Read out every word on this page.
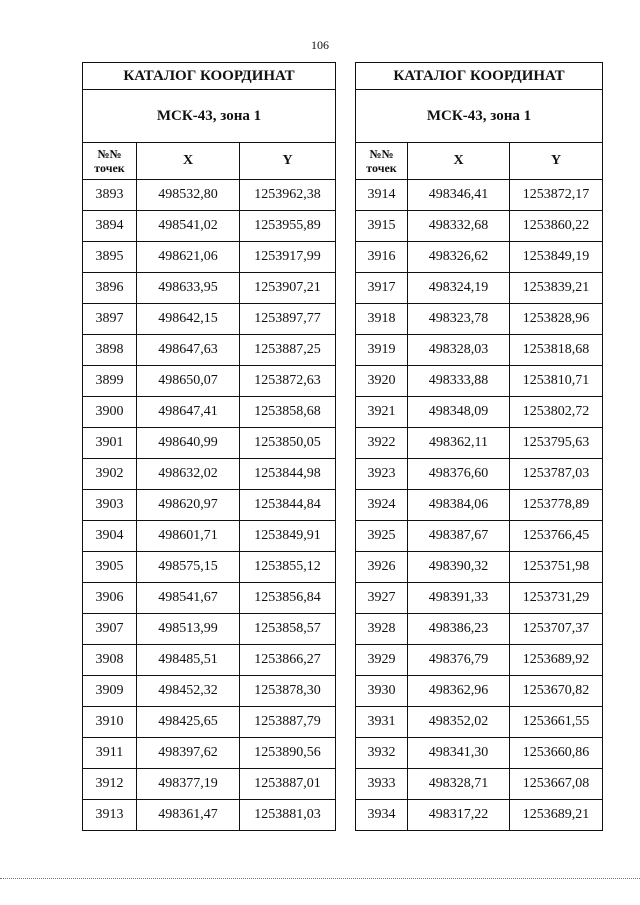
106
КАТАЛОГ КООРДИНАТ		
МСК-43, зона 1		
№№
точек	X	Y
3893	498532,80	1253962,38
3894	498541,02	1253955,89
3895	498621,06	1253917,99
3896	498633,95	1253907,21
3897	498642,15	1253897,77
3898	498647,63	1253887,25
3899	498650,07	1253872,63
3900	498647,41	1253858,68
3901	498640,99	1253850,05
3902	498632,02	1253844,98
3903	498620,97	1253844,84
3904	498601,71	1253849,91
3905	498575,15	1253855,12
3906	498541,67	1253856,84
3907	498513,99	1253858,57
3908	498485,51	1253866,27
3909	498452,32	1253878,30
3910	498425,65	1253887,79
3911	498397,62	1253890,56
3912	498377,19	1253887,01
3913	498361,47	1253881,03
КАТАЛОГ КООРДИНАТ		
МСК-43, зона 1		
№№
точек	X	Y
3914	498346,41	1253872,17
3915	498332,68	1253860,22
3916	498326,62	1253849,19
3917	498324,19	1253839,21
3918	498323,78	1253828,96
3919	498328,03	1253818,68
3920	498333,88	1253810,71
3921	498348,09	1253802,72
3922	498362,11	1253795,63
3923	498376,60	1253787,03
3924	498384,06	1253778,89
3925	498387,67	1253766,45
3926	498390,32	1253751,98
3927	498391,33	1253731,29
3928	498386,23	1253707,37
3929	498376,79	1253689,92
3930	498362,96	1253670,82
3931	498352,02	1253661,55
3932	498341,30	1253660,86
3933	498328,71	1253667,08
3934	498317,22	1253689,21
